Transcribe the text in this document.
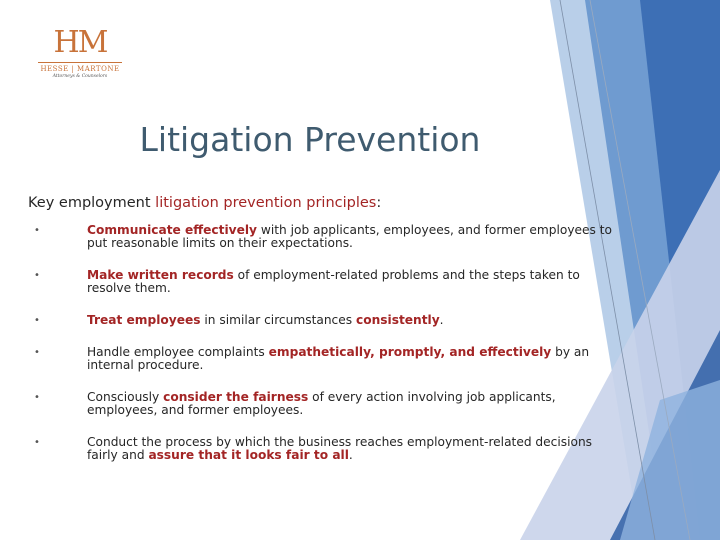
HM
HESSE | MARTONE
Attorneys & Counselors
Litigation Prevention
Key employment litigation prevention principles:
•	Communicate effectively with job applicants, employees, and former employees to put reasonable limits on their expectations.
•	Make written records of employment-related problems and the steps taken to resolve them.
•	Treat employees in similar circumstances consistently.
•	Handle employee complaints empathetically, promptly, and effectively by an internal procedure.
•	Consciously consider the fairness of every action involving job applicants, employees, and former employees.
•	Conduct the process by which the business reaches employment-related decisions fairly and assure that it looks fair to all.
